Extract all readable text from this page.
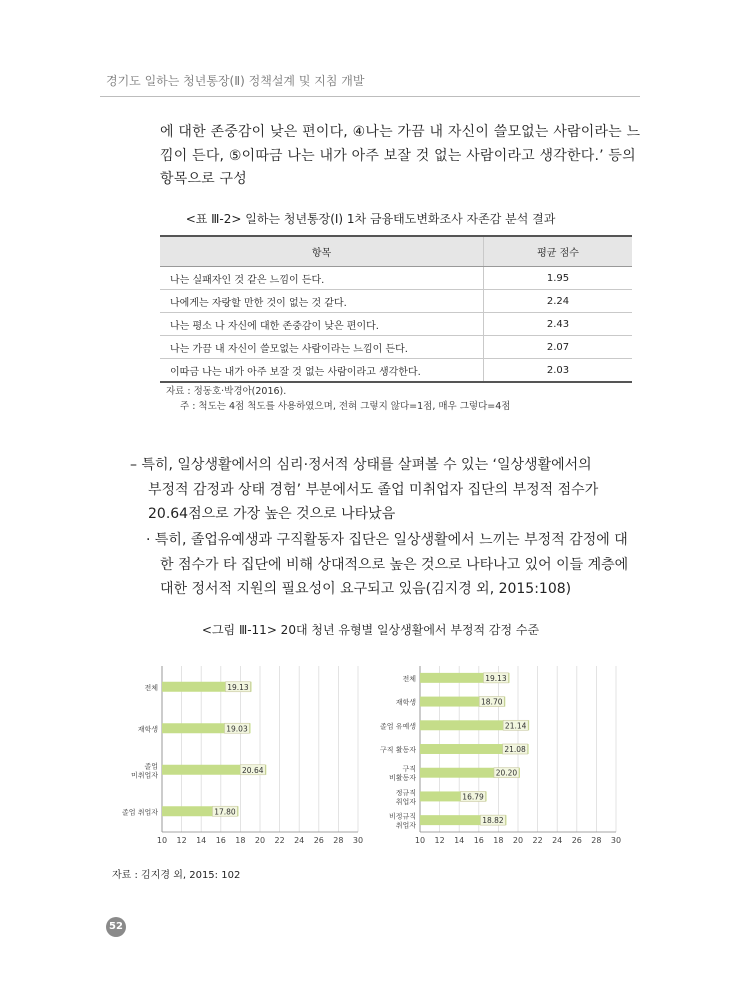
경기도 일하는 청년통장(Ⅱ) 정책설계 및 지침 개발
에 대한 존중감이 낮은 편이다, ④나는 가끔 내 자신이 쓸모없는 사람이라는 느
낌이 든다, ⑤이따금 나는 내가 아주 보잘 것 없는 사람이라고 생각한다.’ 등의
항목으로 구성
<표 Ⅲ-2> 일하는 청년통장(Ⅰ) 1차 금융태도변화조사 자존감 분석 결과
항목	평균 점수
나는 실패자인 것 같은 느낌이 든다.	1.95
나에게는 자랑할 만한 것이 없는 것 같다.	2.24
나는 평소 나 자신에 대한 존중감이 낮은 편이다.	2.43
나는 가끔 내 자신이 쓸모없는 사람이라는 느낌이 든다.	2.07
이따금 나는 내가 아주 보잘 것 없는 사람이라고 생각한다.	2.03
자료 : 정동호·박경아(2016).
주 : 척도는 4점 척도를 사용하였으며, 전혀 그렇지 않다=1점, 매우 그렇다=4점
– 특히, 일상생활에서의 심리·정서적 상태를 살펴볼 수 있는 ‘일상생활에서의
부정적 감정과 상태 경험’ 부분에서도 졸업 미취업자 집단의 부정적 점수가
20.64점으로 가장 높은 것으로 나타났음
· 특히, 졸업유예생과 구직활동자 집단은 일상생활에서 느끼는 부정적 감정에 대
한 점수가 타 집단에 비해 상대적으로 높은 것으로 나타나고 있어 이들 계층에
대한 정서적 지원의 필요성이 요구되고 있음(김지경 외, 2015:108)
<그림 Ⅲ-11> 20대 청년 유형별 일상생활에서 부정적 감정 수준
10 12 14 16 18 20 22 24 26 28 30
전체	19.13
재학생	19.03
졸업
미취업자
20.64
졸업 취업자	17.80
10 12 14 16 18 20 22 24 26 28 30
전체	19.13
재학생	18.70
졸업 유예생	21.14
구직 활동자	21.08
구직
비활동자
20.20
정규직
취업자
16.79
비정규직
취업자
18.82
자료 : 김지경 외, 2015: 102
52
